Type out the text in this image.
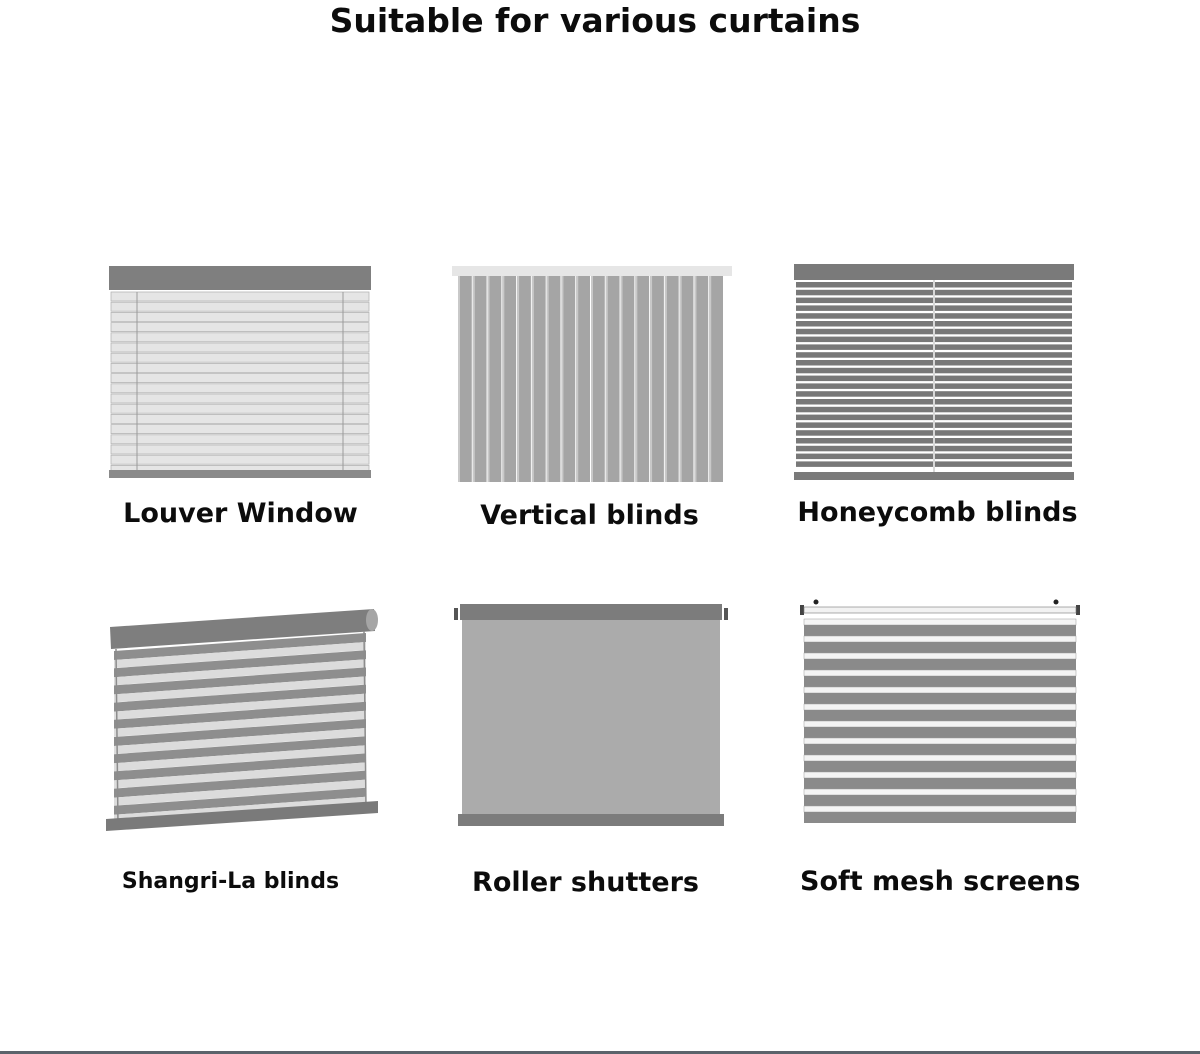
Suitable for various curtains
Louver Window	Vertical blinds	Honeycomb blinds
Shangri-La blinds	Roller shutters	Soft mesh screens
